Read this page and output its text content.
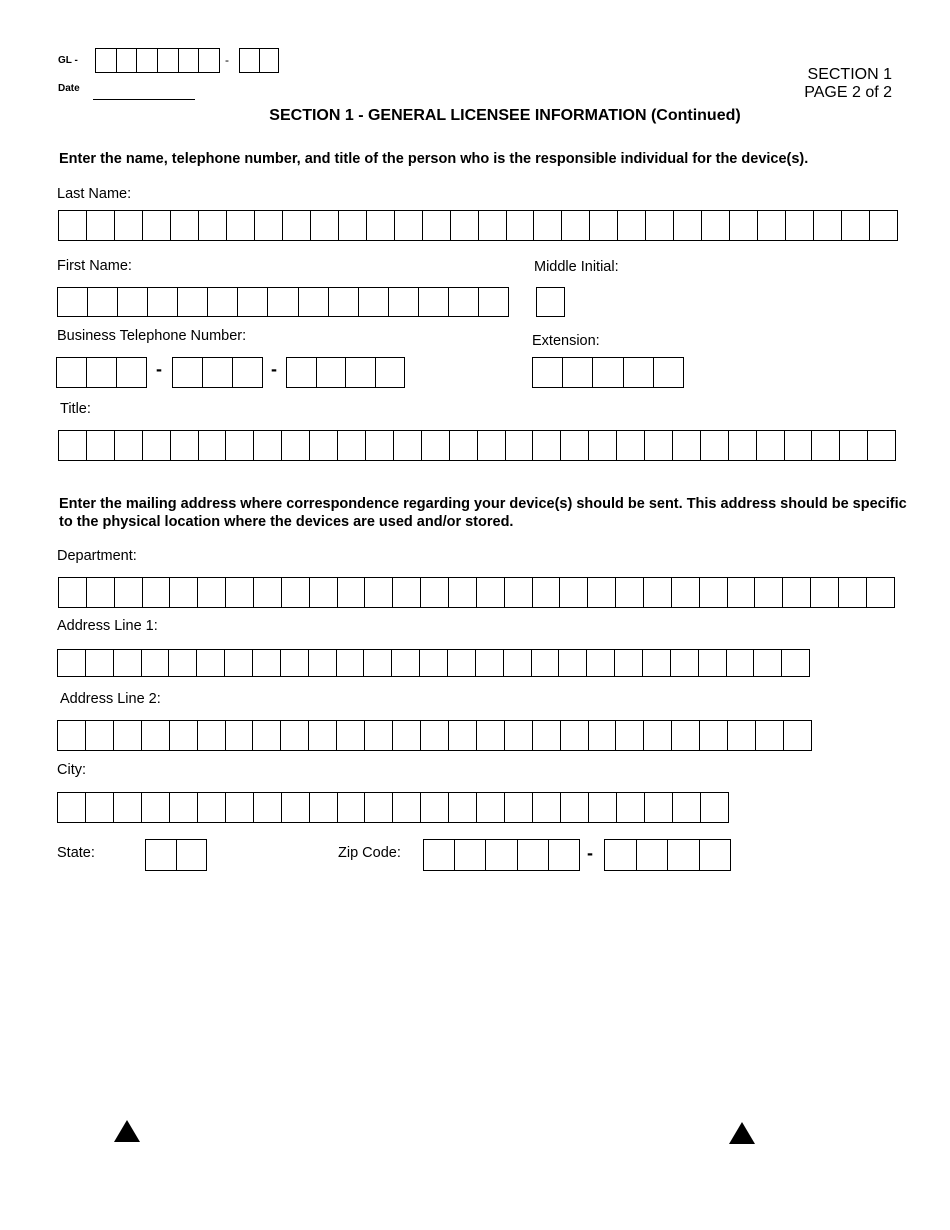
GL -	-
Date
SECTION 1
PAGE 2 of 2
SECTION 1 - GENERAL LICENSEE INFORMATION (Continued)
Enter the name, telephone number, and title of the person who is the responsible individual for the device(s).
Last Name:
First Name:	Middle Initial:
Business Telephone Number:
-	-
Extension:
Title:
Enter the mailing address where correspondence regarding your device(s) should be sent. This address should be specific to the physical location where the devices are used and/or stored.
Department:
Address Line 1:
Address Line 2:
City:
State:	Zip Code:	-
